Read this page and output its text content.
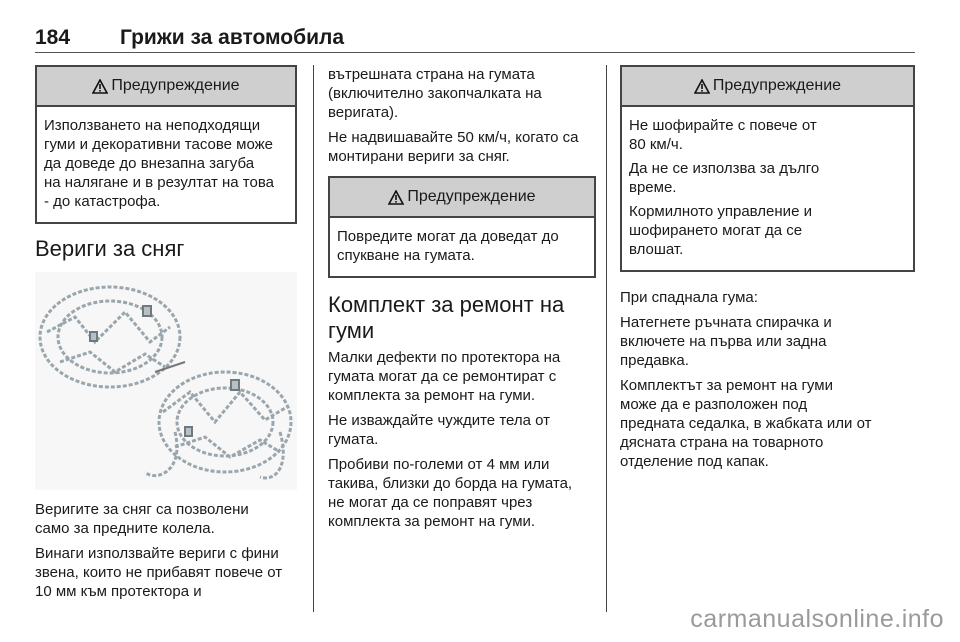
184 Грижи за автомобила
Предупреждение

Използването на неподходящи
гуми и декоративни тасове може
да доведе до внезапна загуба
на налягане и в резултат на това
- до катастрофа.

Вериги за сняг

Веригите за сняг са позволени
само за предните колела.

Винаги използвайте вериги с фини
звена, които не прибавят повече от
10 мм към протектора и

вътрешната страна на гумата
(включително закопчалката на
веригата).

Не надвишавайте 50 км/ч, когато са
монтирани вериги за сняг.

Предупреждение

Повредите могат да доведат до
спукване на гумата.

Комплект за ремонт на
гуми

Малки дефекти по протектора на
гумата могат да се ремонтират с
комплекта за ремонт на гуми.

Не изваждайте чуждите тела от
гумата.

Пробиви по-големи от 4 мм или
такива, близки до борда на гумата,
не могат да се поправят чрез
комплекта за ремонт на гуми.

Предупреждение

Не шофирайте с повече от
80 км/ч.

Да не се използва за дълго
време.

Кормилното управление и
шофирането могат да се
влошат.

При спаднала гума:

Натегнете ръчната спирачка и
включете на първа или задна
предавка.

Комплектът за ремонт на гуми
може да е разположен под
предната седалка, в жабката или от
дясната страна на товарното
отделение под капак.

carmanualsonline.info
